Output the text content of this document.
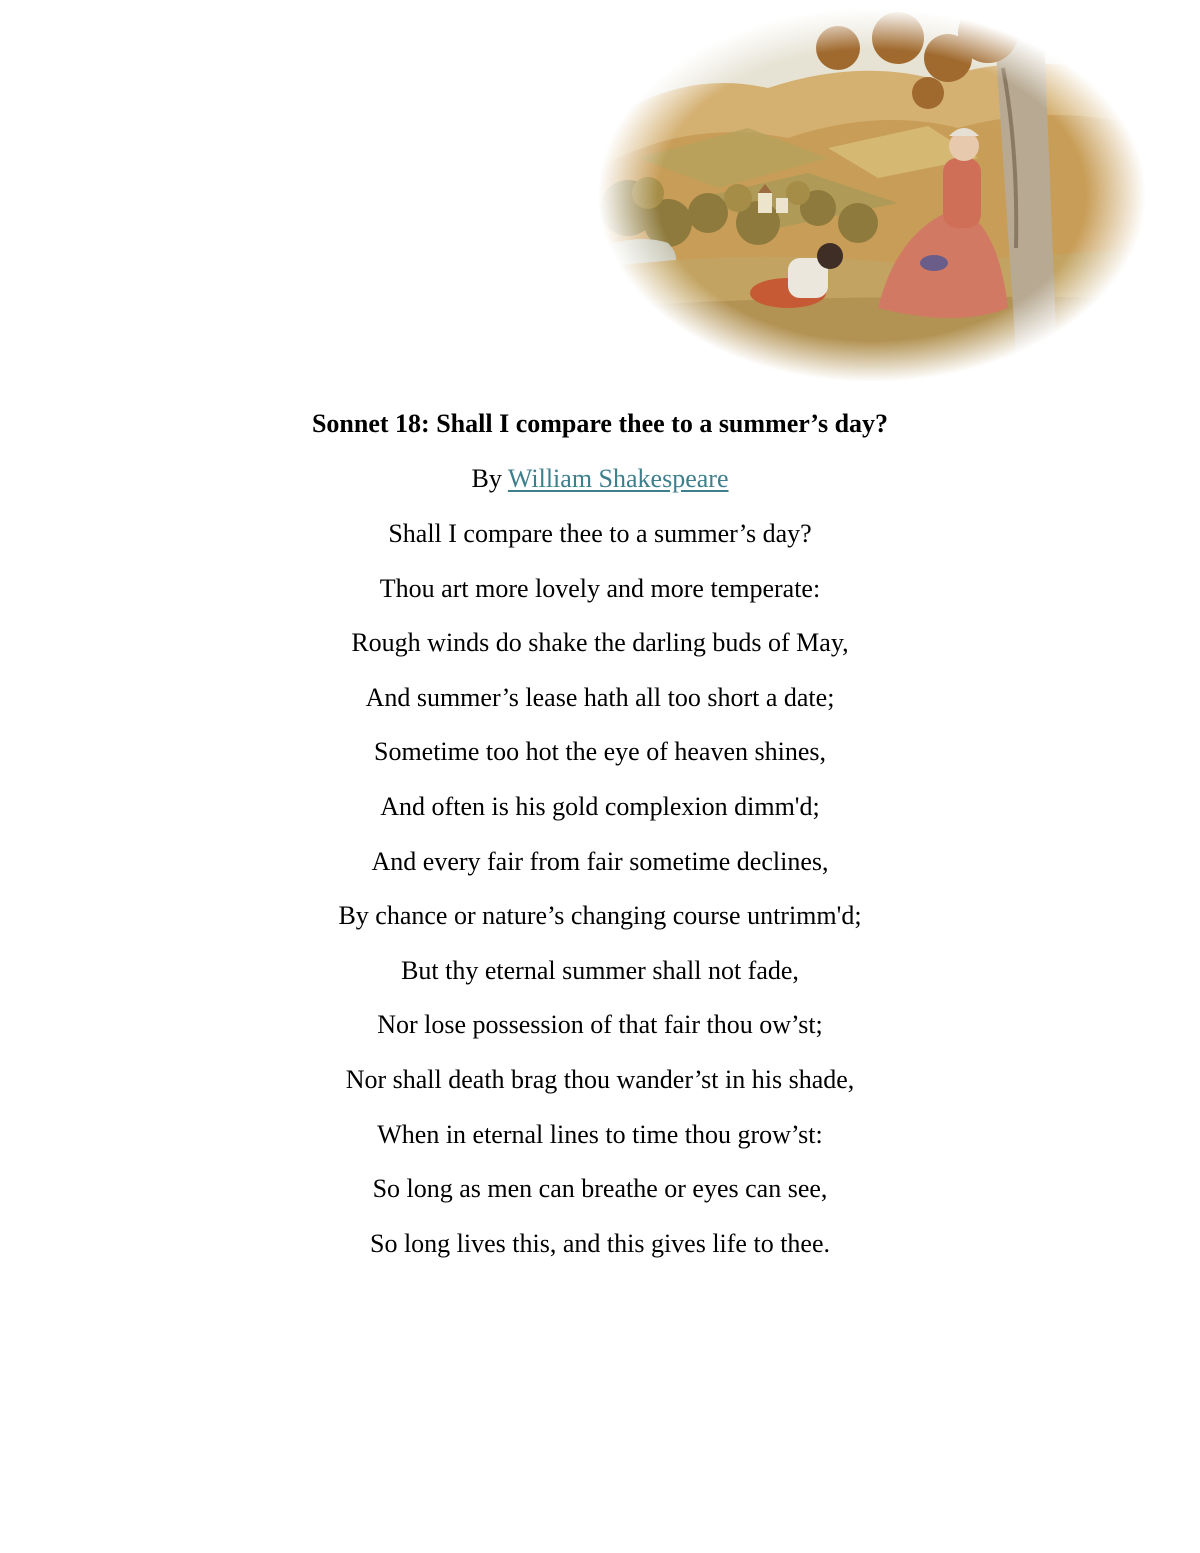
Sonnet 18: Shall I compare thee to a summer’s day?

By William Shakespeare

Shall I compare thee to a summer’s day?
Thou art more lovely and more temperate:
Rough winds do shake the darling buds of May,
And summer’s lease hath all too short a date;
Sometime too hot the eye of heaven shines,
And often is his gold complexion dimm'd;
And every fair from fair sometime declines,
By chance or nature’s changing course untrimm'd;
But thy eternal summer shall not fade,
Nor lose possession of that fair thou ow’st;
Nor shall death brag thou wander’st in his shade,
When in eternal lines to time thou grow’st:
So long as men can breathe or eyes can see,
So long lives this, and this gives life to thee.
